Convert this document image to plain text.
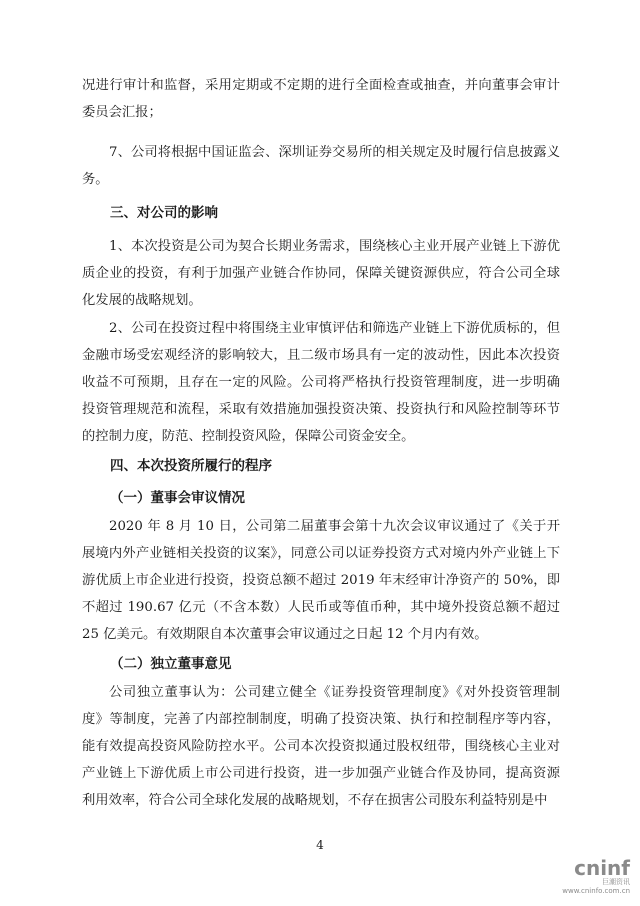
况进行审计和监督，采用定期或不定期的进行全面检查或抽查，并向董事会审计委员会汇报；
7、公司将根据中国证监会、深圳证券交易所的相关规定及时履行信息披露义务。
三、对公司的影响
1、本次投资是公司为契合长期业务需求，围绕核心主业开展产业链上下游优质企业的投资，有利于加强产业链合作协同，保障关键资源供应，符合公司全球化发展的战略规划。
2、公司在投资过程中将围绕主业审慎评估和筛选产业链上下游优质标的，但金融市场受宏观经济的影响较大，且二级市场具有一定的波动性，因此本次投资收益不可预期，且存在一定的风险。公司将严格执行投资管理制度，进一步明确投资管理规范和流程，采取有效措施加强投资决策、投资执行和风险控制等环节的控制力度，防范、控制投资风险，保障公司资金安全。
四、本次投资所履行的程序
（一）董事会审议情况
2020 年 8 月 10 日，公司第二届董事会第十九次会议审议通过了《关于开展境内外产业链相关投资的议案》，同意公司以证券投资方式对境内外产业链上下游优质上市企业进行投资，投资总额不超过 2019 年末经审计净资产的 50%，即不超过 190.67 亿元（不含本数）人民币或等值币种，其中境外投资总额不超过 25 亿美元。有效期限自本次董事会审议通过之日起 12 个月内有效。
（二）独立董事意见
公司独立董事认为：公司建立健全《证券投资管理制度》《对外投资管理制度》等制度，完善了内部控制制度，明确了投资决策、执行和控制程序等内容，能有效提高投资风险防控水平。公司本次投资拟通过股权纽带，围绕核心主业对产业链上下游优质上市公司进行投资，进一步加强产业链合作及协同，提高资源利用效率，符合公司全球化发展的战略规划，不存在损害公司股东利益特别是中
4
cninf
巨潮资讯
www.cninfo.com.cn
